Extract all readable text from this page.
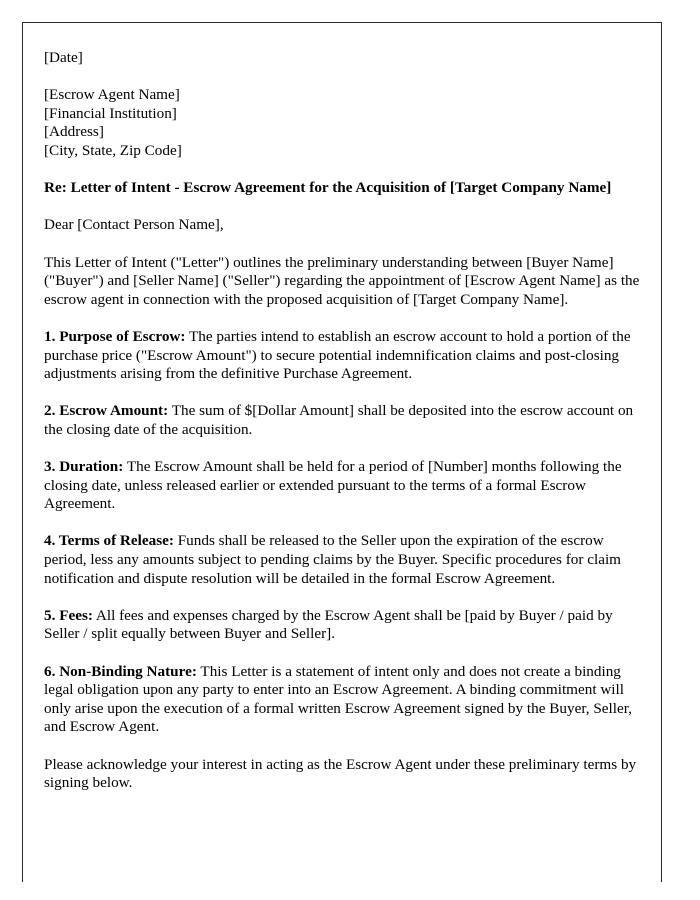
[Date]
[Escrow Agent Name]
[Financial Institution]
[Address]
[City, State, Zip Code]

Re: Letter of Intent - Escrow Agreement for the Acquisition of [Target Company Name]

Dear [Contact Person Name],

This Letter of Intent ("Letter") outlines the preliminary understanding between [Buyer Name] ("Buyer") and [Seller Name] ("Seller") regarding the appointment of [Escrow Agent Name] as the escrow agent in connection with the proposed acquisition of [Target Company Name].

1. Purpose of Escrow: The parties intend to establish an escrow account to hold a portion of the purchase price ("Escrow Amount") to secure potential indemnification claims and post-closing adjustments arising from the definitive Purchase Agreement.

2. Escrow Amount: The sum of $[Dollar Amount] shall be deposited into the escrow account on the closing date of the acquisition.

3. Duration: The Escrow Amount shall be held for a period of [Number] months following the closing date, unless released earlier or extended pursuant to the terms of a formal Escrow Agreement.

4. Terms of Release: Funds shall be released to the Seller upon the expiration of the escrow period, less any amounts subject to pending claims by the Buyer. Specific procedures for claim notification and dispute resolution will be detailed in the formal Escrow Agreement.

5. Fees: All fees and expenses charged by the Escrow Agent shall be [paid by Buyer / paid by Seller / split equally between Buyer and Seller].

6. Non-Binding Nature: This Letter is a statement of intent only and does not create a binding legal obligation upon any party to enter into an Escrow Agreement. A binding commitment will only arise upon the execution of a formal written Escrow Agreement signed by the Buyer, Seller, and Escrow Agent.

Please acknowledge your interest in acting as the Escrow Agent under these preliminary terms by signing below.
